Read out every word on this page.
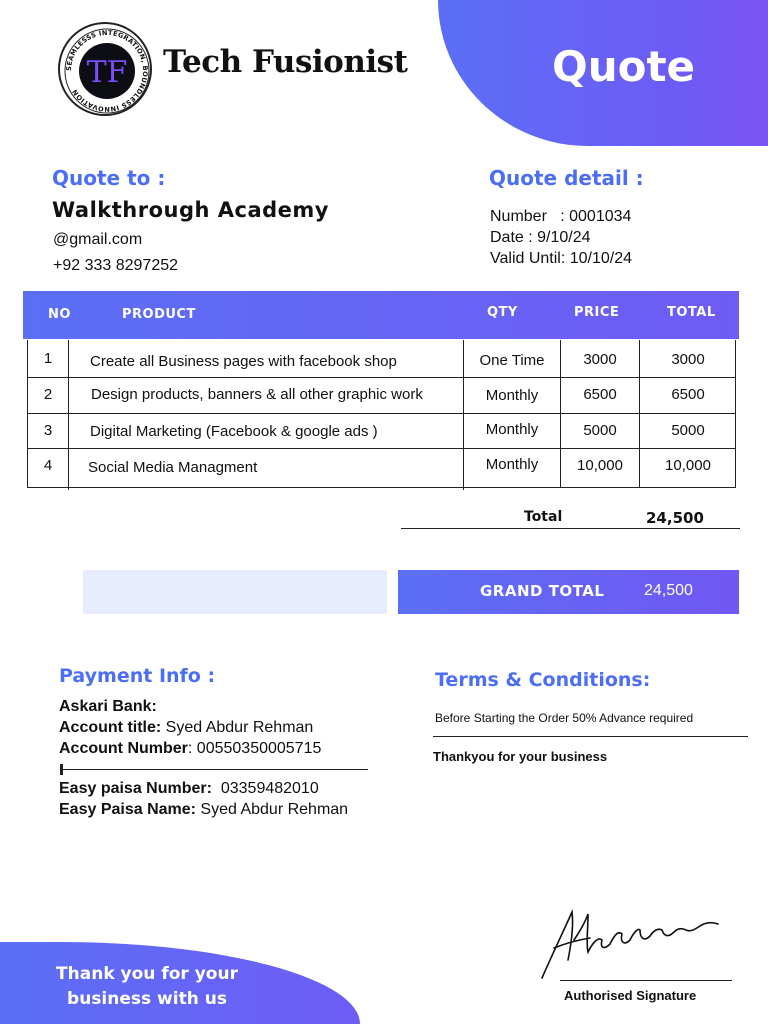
Quote
SEAMLESSS INTEGRATION, BOUNDLESS INNOVATION
TF Tech Fusionist
Quote to :
Walkthrough Academy
@gmail.com
+92 333 8297252
Quote detail :
Number   : 0001034
Date : 9/10/24
Valid Until: 10/10/24
NO	PRODUCT	QTY	PRICE	TOTAL
1	Create all Business pages with facebook shop	One Time	3000	3000
2	Design products, banners & all other graphic work	Monthly	6500	6500
3	Digital Marketing (Facebook & google ads )	Monthly	5000	5000
4	Social Media Managment	Monthly	10,000	10,000
Total	24,500
GRAND TOTAL 24,500
Payment Info :
Askari Bank:
Account title: Syed Abdur Rehman
Account Number: 00550350005715
Easy paisa Number:  03359482010
Easy Paisa Name: Syed Abdur Rehman
Terms & Conditions:
Before Starting the Order 50% Advance required
Thankyou for your business
Thank you for your
business with us	Authorised Signature
